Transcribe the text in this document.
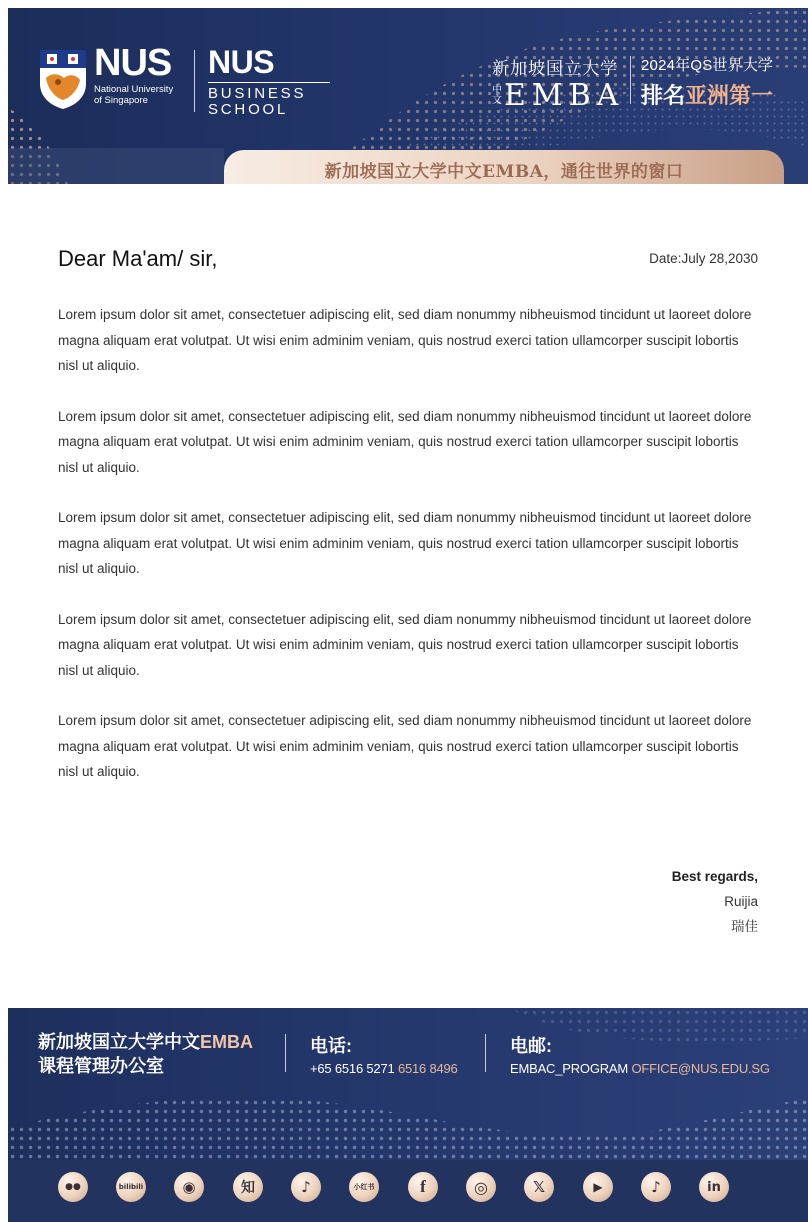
NUS
National University
of Singapore
NUS
BUSINESS
SCHOOL
新加坡国立大学
中文 EMBA
2024年QS世界大学
排名亚洲第一
新加坡国立大学中文EMBA，通往世界的窗口
Dear Ma'am/ sir,	Date:July 28,2030

Lorem ipsum dolor sit amet, consectetuer adipiscing elit, sed diam nonummy nibheuismod tincidunt ut laoreet dolore magna aliquam erat volutpat. Ut wisi enim adminim veniam, quis nostrud exerci tation ullamcorper suscipit lobortis nisl ut aliquio.

Lorem ipsum dolor sit amet, consectetuer adipiscing elit, sed diam nonummy nibheuismod tincidunt ut laoreet dolore magna aliquam erat volutpat. Ut wisi enim adminim veniam, quis nostrud exerci tation ullamcorper suscipit lobortis nisl ut aliquio.

Lorem ipsum dolor sit amet, consectetuer adipiscing elit, sed diam nonummy nibheuismod tincidunt ut laoreet dolore magna aliquam erat volutpat. Ut wisi enim adminim veniam, quis nostrud exerci tation ullamcorper suscipit lobortis nisl ut aliquio.

Lorem ipsum dolor sit amet, consectetuer adipiscing elit, sed diam nonummy nibheuismod tincidunt ut laoreet dolore magna aliquam erat volutpat. Ut wisi enim adminim veniam, quis nostrud exerci tation ullamcorper suscipit lobortis nisl ut aliquio.

Lorem ipsum dolor sit amet, consectetuer adipiscing elit, sed diam nonummy nibheuismod tincidunt ut laoreet dolore magna aliquam erat volutpat. Ut wisi enim adminim veniam, quis nostrud exerci tation ullamcorper suscipit lobortis nisl ut aliquio.

Best regards,
Ruijia
瑞佳
新加坡国立大学中文EMBA
课程管理办公室
电话:
+65 6516 5271 6516 8496
电邮:
EMBAC_PROGRAM OFFICE@NUS.EDU.SG
●●	bilibili	◉	知	♪	小红书	f	◎	𝕏	▶	♪	in
